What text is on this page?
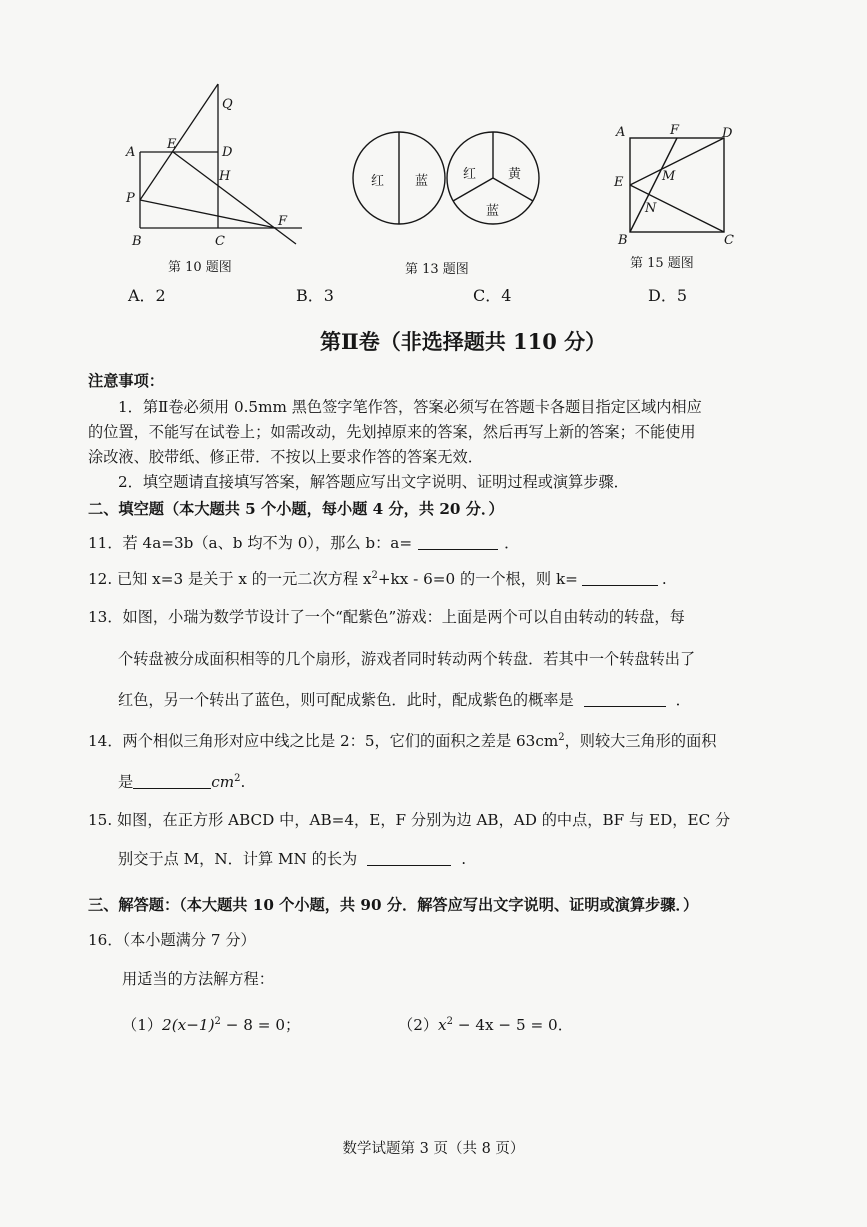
Q
A
E
D
H
P
F
B	C
第 10 题图
红 蓝	红 黄
蓝
第 13 题图
A	F	D
E	M
N
B	C
第 15 题图
A．2	B．3	C．4	D．5
第Ⅱ卷（非选择题共 110 分）
注意事项：
1．第Ⅱ卷必须用 0.5mm 黑色签字笔作答，答案必须写在答题卡各题目指定区域内相应
的位置，不能写在试卷上；如需改动，先划掉原来的答案，然后再写上新的答案；不能使用
涂改液、胶带纸、修正带．不按以上要求作答的答案无效．
2．填空题请直接填写答案，解答题应写出文字说明、证明过程或演算步骤．
二、填空题（本大题共 5 个小题，每小题 4 分，共 20 分．）
11．若 4a=3b（a、b 均不为 0），那么 b：a=	．
12. 已知 x=3 是关于 x 的一元二次方程 $x^2+kx - 6=0$ 的一个根，则 k=	.
13．如图，小瑞为数学节设计了一个“配紫色”游戏：上面是两个可以自由转动的转盘，每
个转盘被分成面积相等的几个扇形，游戏者同时转动两个转盘．若其中一个转盘转出了
红色，另一个转出了蓝色，则可配成紫色．此时，配成紫色的概率是	．
14．两个相似三角形对应中线之比是 2：5，它们的面积之差是 $63cm^2$，则较大三角形的面积
是	$cm^2$.
15. 如图，在正方形 ABCD 中，AB=4，E，F 分别为边 AB，AD 的中点，BF 与 ED，EC 分
别交于点 M，N．计算 MN 的长为	.
三、解答题：（本大题共 10 个小题，共 90 分．解答应写出文字说明、证明或演算步骤．）
16．（本小题满分 7 分）
用适当的方法解方程：
$(1)2(x-1)^2 - 8 = 0$；	$(2)x^2 - 4x - 5 = 0$．
数学试题第 3 页（共 8 页）
